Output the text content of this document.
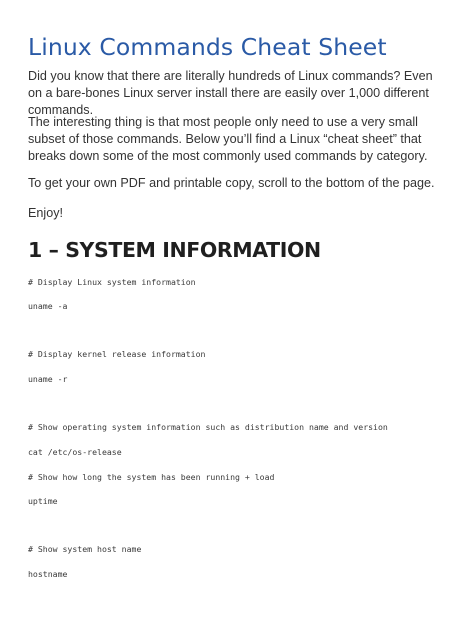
Linux Commands Cheat Sheet

Did you know that there are literally hundreds of Linux commands? Even on a bare-bones Linux server install there are easily over 1,000 different commands.

The interesting thing is that most people only need to use a very small subset of those commands. Below you’ll find a Linux “cheat sheet” that breaks down some of the most commonly used commands by category.

To get your own PDF and printable copy, scroll to the bottom of the page.

Enjoy!

1 – SYSTEM INFORMATION
# Display Linux system information
uname -a
# Display kernel release information
uname -r
# Show operating system information such as distribution name and version
cat /etc/os-release
# Show how long the system has been running + load
uptime
# Show system host name
hostname
